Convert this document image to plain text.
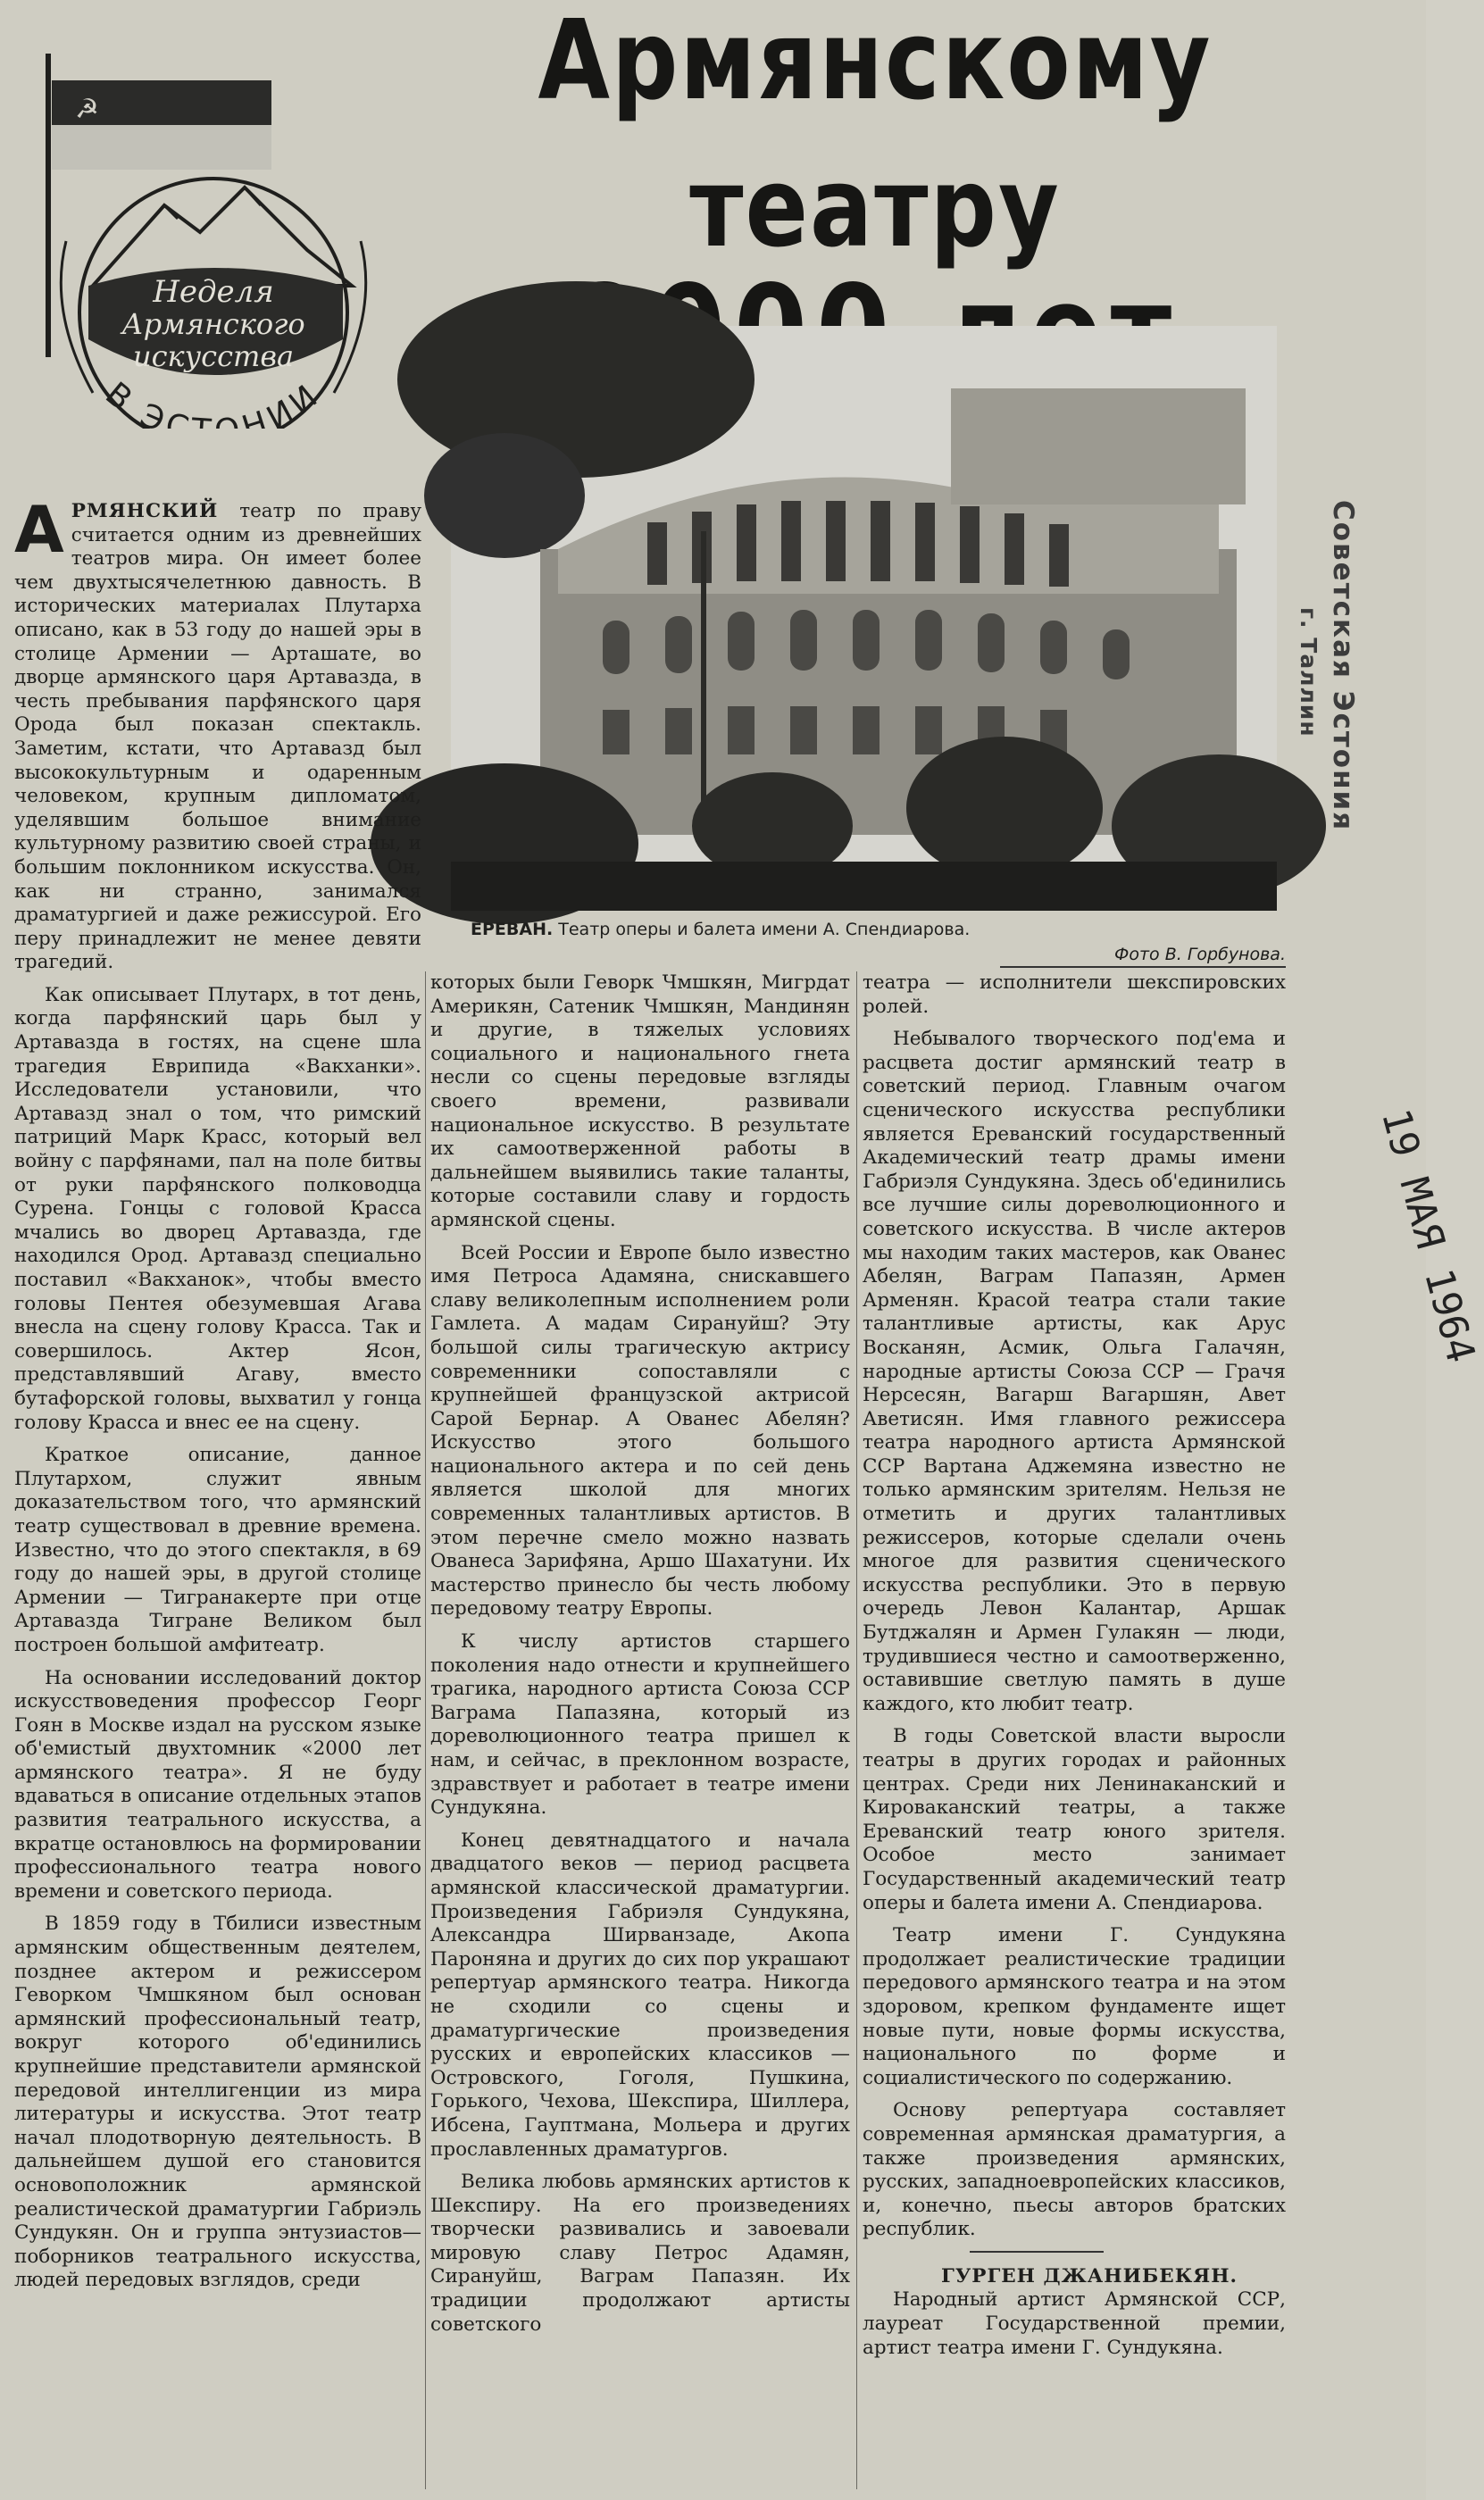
☭
Неделя
Армянского
искусства
В ЭС НИИ
Армянскому театру
ЕРЕВАН. Театр оперы и балета имени А. Спендиарова.
Фото В. Горбунова.
Советская Эстония
г. Таллин
19 МАЯ 1964

АРМЯНСКИЙ театр по праву считается одним из древнейших театров мира. Он имеет более чем двухтысячелетнюю давность. В исторических материалах Плутарха описано, как в 53 году до нашей эры в столице Армении — Арташате, во дворце армянского царя Артавазда, в честь пребывания парфянского царя Орода был показан спектакль. Заметим, кстати, что Артавазд был высококультурным и одаренным человеком, крупным дипломатом, уделявшим большое внимание культурному развитию своей страны, и большим поклонником искусства. Он, как ни странно, занимался драматургией и даже режиссурой. Его перу принадлежит не менее девяти трагедий.

Как описывает Плутарх, в тот день, когда парфянский царь был у Артавазда в гостях, на сцене шла трагедия Еврипида «Вакханки». Исследователи установили, что Артавазд знал о том, что римский патриций Марк Красс, который вел войну с парфянами, пал на поле битвы от руки парфянского полководца Сурена. Гонцы с головой Красса мчались во дворец Артавазда, где находился Ород. Артавазд специально поставил «Вакханок», чтобы вместо головы Пентея обезумевшая Агава внесла на сцену голову Красса. Так и совершилось. Актер Ясон, представлявший Агаву, вместо бутафорской головы, выхватил у гонца голову Красса и внес ее на сцену.

Краткое описание, данное Плутархом, служит явным доказательством того, что армянский театр существовал в древние времена. Известно, что до этого спектакля, в 69 году до нашей эры, в другой столице Армении — Тигранакерте при отце Артавазда Тигране Великом был построен большой амфитеатр.

На основании исследований доктор искусствоведения профессор Георг Гоян в Москве издал на русском языке об'емистый двухтомник «2000 лет армянского театра». Я не буду вдаваться в описание отдельных этапов развития театрального искусства, а вкратце остановлюсь на формировании профессионального театра нового времени и советского периода.

В 1859 году в Тбилиси известным армянским общественным деятелем, позднее актером и режиссером Геворком Чмшкяном был основан армянский профессиональный театр, вокруг которого об'единились крупнейшие представители армянской передовой интеллигенции из мира литературы и искусства. Этот театр начал плодотворную деятельность. В дальнейшем душой его становится основоположник армянской реалистической драматургии Габриэль Сундукян. Он и группа энтузиастов—поборников театрального искусства, людей передовых взглядов, среди

которых были Геворк Чмшкян, Мигрдат Америкян, Сатеник Чмшкян, Мандинян и другие, в тяжелых условиях социального и национального гнета несли со сцены передовые взгляды своего времени, развивали национальное искусство. В результате их самоотверженной работы в дальнейшем выявились такие таланты, которые составили славу и гордость армянской сцены.

Всей России и Европе было известно имя Петроса Адамяна, снискавшего славу великолепным исполнением роли Гамлета. А мадам Сирануйш? Эту большой силы трагическую актрису современники сопоставляли с крупнейшей французской актрисой Сарой Бернар. А Ованес Абелян? Искусство этого большого национального актера и по сей день является школой для многих современных талантливых артистов. В этом перечне смело можно назвать Ованеса Зарифяна, Аршо Шахатуни. Их мастерство принесло бы честь любому передовому театру Европы.

К числу артистов старшего поколения надо отнести и крупнейшего трагика, народного артиста Союза ССР Ваграма Папазяна, который из дореволюционного театра пришел к нам, и сейчас, в преклонном возрасте, здравствует и работает в театре имени Сундукяна.

Конец девятнадцатого и начала двадцатого веков — период расцвета армянской классической драматургии. Произведения Габриэля Сундукяна, Александра Ширванзаде, Акопа Пароняна и других до сих пор украшают репертуар армянского театра. Никогда не сходили со сцены и драматургические произведения русских и европейских классиков — Островского, Гоголя, Пушкина, Горького, Чехова, Шекспира, Шиллера, Ибсена, Гауптмана, Мольера и других прославленных драматургов.

Велика любовь армянских артистов к Шекспиру. На его произведениях творчески развивались и завоевали мировую славу Петрос Адамян, Сирануйш, Ваграм Папазян. Их традиции продолжают артисты советского

театра — исполнители шекспировских ролей.

Небывалого творческого под'ема и расцвета достиг армянский театр в советский период. Главным очагом сценического искусства республики является Ереванский государственный Академический театр драмы имени Габриэля Сундукяна. Здесь об'единились все лучшие силы дореволюционного и советского искусства. В числе актеров мы находим таких мастеров, как Ованес Абелян, Ваграм Папазян, Армен Арменян. Красой театра стали такие талантливые артисты, как Арус Восканян, Асмик, Ольга Галачян, народные артисты Союза ССР — Грачя Нерсесян, Вагарш Вагаршян, Авет Аветисян. Имя главного режиссера театра народного артиста Армянской ССР Вартана Аджемяна известно не только армянским зрителям. Нельзя не отметить и других талантливых режиссеров, которые сделали очень многое для развития сценического искусства республики. Это в первую очередь Левон Калантар, Аршак Бутджалян и Армен Гулакян — люди, трудившиеся честно и самоотверженно, оставившие светлую память в душе каждого, кто любит театр.

В годы Советской власти выросли театры в других городах и районных центрах. Среди них Ленинаканский и Кироваканский театры, а также Ереванский театр юного зрителя. Особое место занимает Государственный академический театр оперы и балета имени А. Спендиарова.

Театр имени Г. Сундукяна продолжает реалистические традиции передового армянского театра и на этом здоровом, крепком фундаменте ищет новые пути, новые формы искусства, национального по форме и социалистического по содержанию.

Основу репертуара составляет современная армянская драматургия, а также произведения армянских, русских, западноевропейских классиков, и, конечно, пьесы авторов братских республик.

ГУРГЕН ДЖАНИБЕКЯН.

Народный артист Армянской ССР, лауреат Государственной премии, артист театра имени Г. Сундукяна.
